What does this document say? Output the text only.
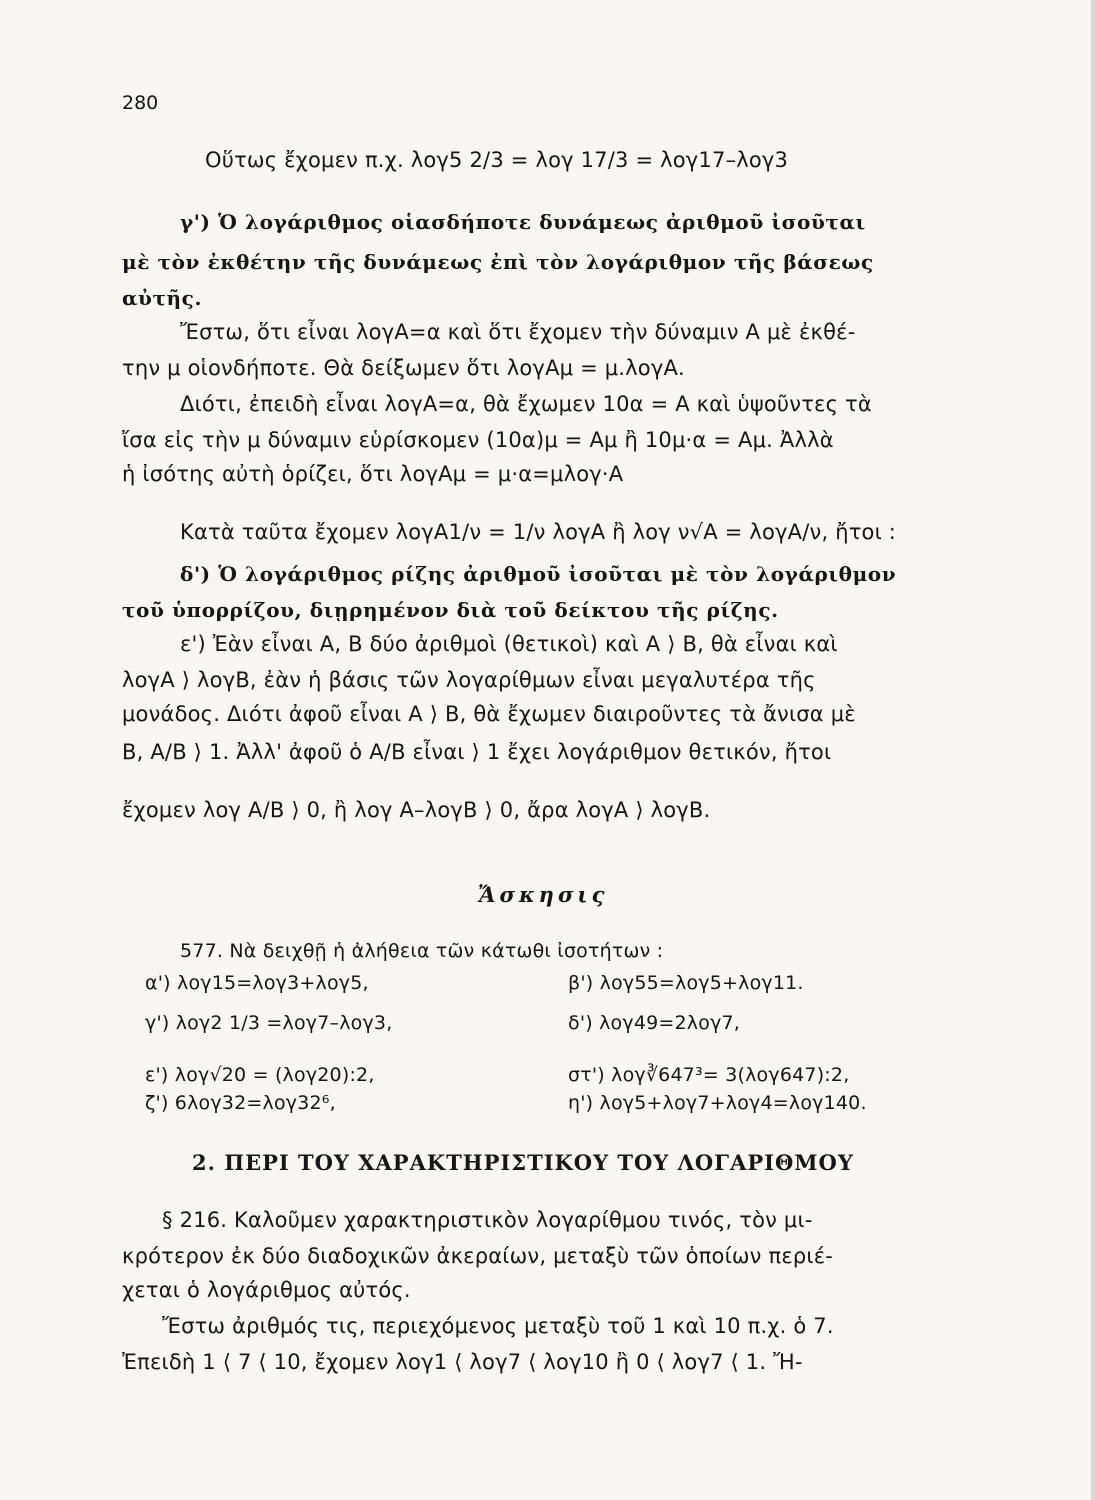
280
Οὕτως ἔχομεν π.χ. λογ5 2/3 = λογ 17/3 = λογ17–λογ3
γ') Ὁ λογάριθμος οἱασδήποτε δυνάμεως ἀριθμοῦ ἰσοῦται
μὲ τὸν ἐκθέτην τῆς δυνάμεως ἐπὶ τὸν λογάριθμον τῆς βάσεως
αὐτῆς.
Ἔστω, ὅτι εἶναι λογΑ=α καὶ ὅτι ἔχομεν τὴν δύναμιν Α μὲ ἐκθέ-
την μ οἱονδήποτε. Θὰ δείξωμεν ὅτι λογΑμ = μ.λογΑ.
Διότι, ἐπειδὴ εἶναι λογΑ=α, θὰ ἔχωμεν 10α = Α καὶ ὑψοῦντες τὰ
ἴσα εἰς τὴν μ δύναμιν εὑρίσκομεν (10α)μ = Αμ ἢ 10μ·α = Αμ. Ἀλλὰ
ἡ ἰσότης αὐτὴ ὁρίζει, ὅτι λογΑμ = μ·α=μλογ·Α
Κατὰ ταῦτα ἔχομεν λογΑ1/ν = 1/ν λογΑ ἢ λογ ν√Α = λογΑ/ν, ἤτοι :
δ') Ὁ λογάριθμος ρίζης ἀριθμοῦ ἰσοῦται μὲ τὸν λογάριθμον
τοῦ ὑπορρίζου, διῃρημένον διὰ τοῦ δείκτου τῆς ρίζης.
ε') Ἐὰν εἶναι Α, Β δύο ἀριθμοὶ (θετικοὶ) καὶ Α ⟩ Β, θὰ εἶναι καὶ
λογΑ ⟩ λογΒ, ἐὰν ἡ βάσις τῶν λογαρίθμων εἶναι μεγαλυτέρα τῆς
μονάδος. Διότι ἀφοῦ εἶναι Α ⟩ Β, θὰ ἔχωμεν διαιροῦντες τὰ ἄνισα μὲ
Β, Α/Β ⟩ 1. Ἀλλ' ἀφοῦ ὁ Α/Β εἶναι ⟩ 1 ἔχει λογάριθμον θετικόν, ἤτοι
ἔχομεν λογ Α/Β ⟩ 0, ἢ λογ Α–λογΒ ⟩ 0, ἄρα λογΑ ⟩ λογΒ.
Ἄσκησις
577. Νὰ δειχθῇ ἡ ἀλήθεια τῶν κάτωθι ἰσοτήτων :
α') λογ15=λογ3+λογ5,
γ') λογ2 1/3 =λογ7–λογ3,
ε') λογ√20 = (λογ20):2,
ζ') 6λογ32=λογ32⁶,
β') λογ55=λογ5+λογ11.
δ') λογ49=2λογ7,
στ') λογ∛647³= 3(λογ647):2,
η') λογ5+λογ7+λογ4=λογ140.
2. ΠΕΡΙ ΤΟΥ ΧΑΡΑΚΤΗΡΙΣΤΙΚΟΥ ΤΟΥ ΛΟΓΑΡΙΘΜΟΥ
§ 216. Καλοῦμεν χαρακτηριστικὸν λογαρίθμου τινός, τὸν μι-
κρότερον ἐκ δύο διαδοχικῶν ἀκεραίων, μεταξὺ τῶν ὁποίων περιέ-
χεται ὁ λογάριθμος αὐτός.
Ἔστω ἀριθμός τις, περιεχόμενος μεταξὺ τοῦ 1 καὶ 10 π.χ. ὁ 7.
Ἐπειδὴ 1 ⟨ 7 ⟨ 10, ἔχομεν λογ1 ⟨ λογ7 ⟨ λογ10 ἢ 0 ⟨ λογ7 ⟨ 1. Ἤ-
